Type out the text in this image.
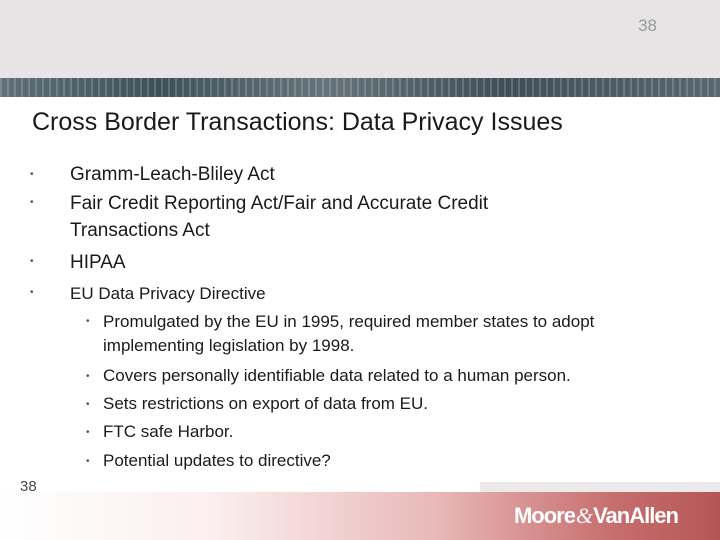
38
Cross Border Transactions: Data Privacy Issues
•	Gramm-Leach-Bliley Act
•	Fair Credit Reporting Act/Fair and Accurate Credit Transactions Act
•	HIPAA
•	EU Data Privacy Directive
• Promulgated by the EU in 1995, required member states to adopt implementing legislation by 1998.
• Covers personally identifiable data related to a human person.
• Sets restrictions on export of data from EU.
• FTC safe Harbor.
• Potential updates to directive?
38
Moore & VanAllen
